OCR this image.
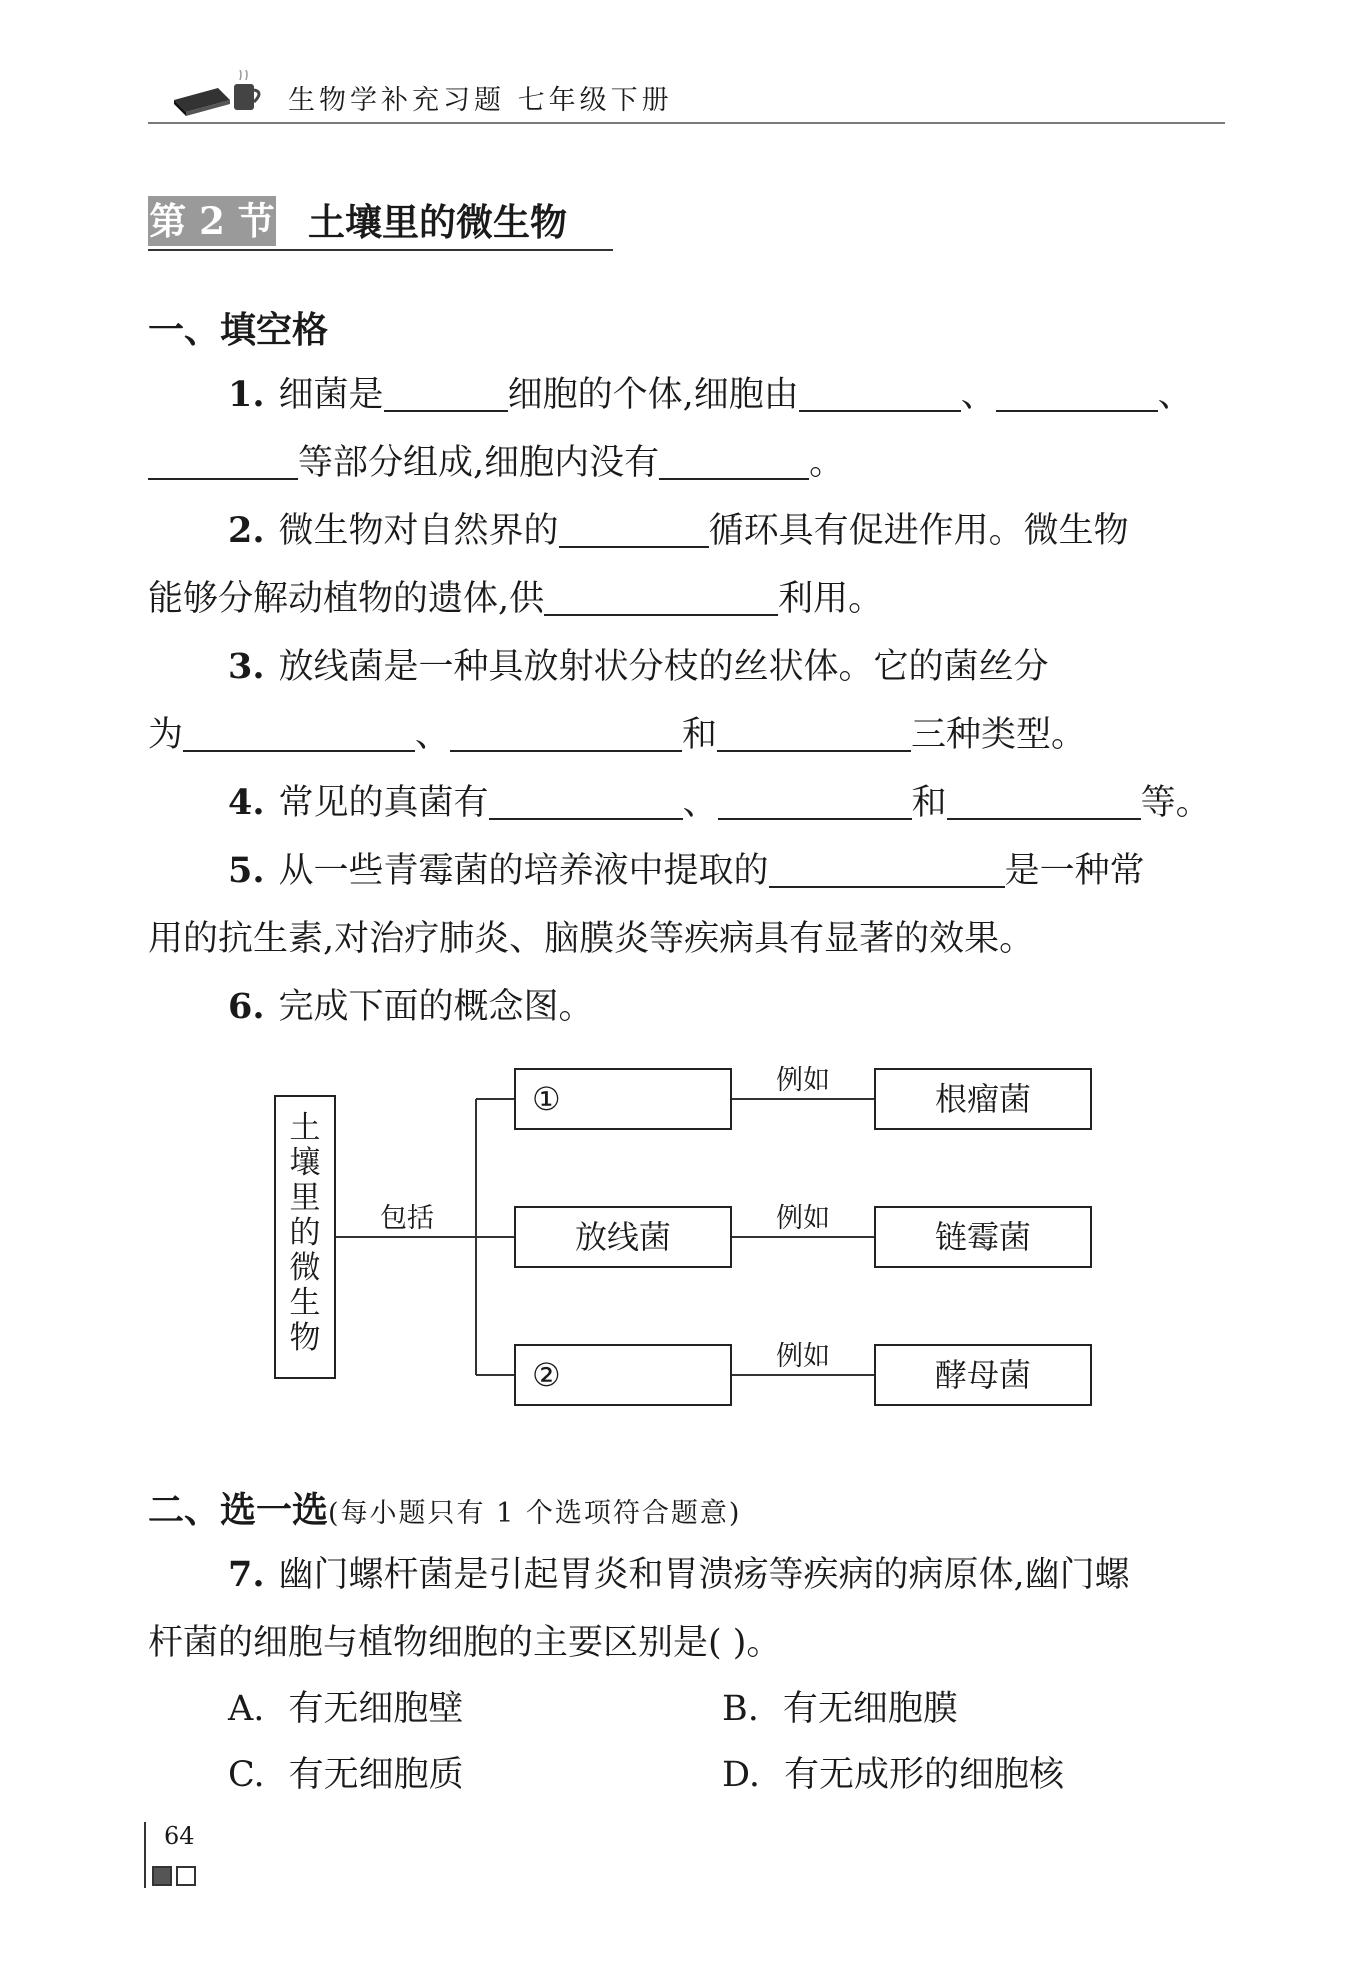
生物学补充习题 七年级下册
第 2 节 土壤里的微生物
一、填空格
1. 细菌是	细胞的个体,细胞由	、	、
等部分组成,细胞内没有	。
2. 微生物对自然界的	循环具有促进作用。微生物
能够分解动植物的遗体,供	利用。
3. 放线菌是一种具放射状分枝的丝状体。它的菌丝分
为	、	和	三种类型。
4. 常见的真菌有	、	和	等。
5. 从一些青霉菌的培养液中提取的	是一种常
用的抗生素,对治疗肺炎、脑膜炎等疾病具有显著的效果。
6. 完成下面的概念图。
土
壤
里
的
微
生
物
包括
①
放线菌
②
例如
例如
例如
根瘤菌
链霉菌
酵母菌
二、选一选(每小题只有 1 个选项符合题意)
7. 幽门螺杆菌是引起胃炎和胃溃疡等疾病的病原体,幽门螺
杆菌的细胞与植物细胞的主要区别是( )。
A. 有无细胞壁	B. 有无细胞膜
C. 有无细胞质	D. 有无成形的细胞核
64
